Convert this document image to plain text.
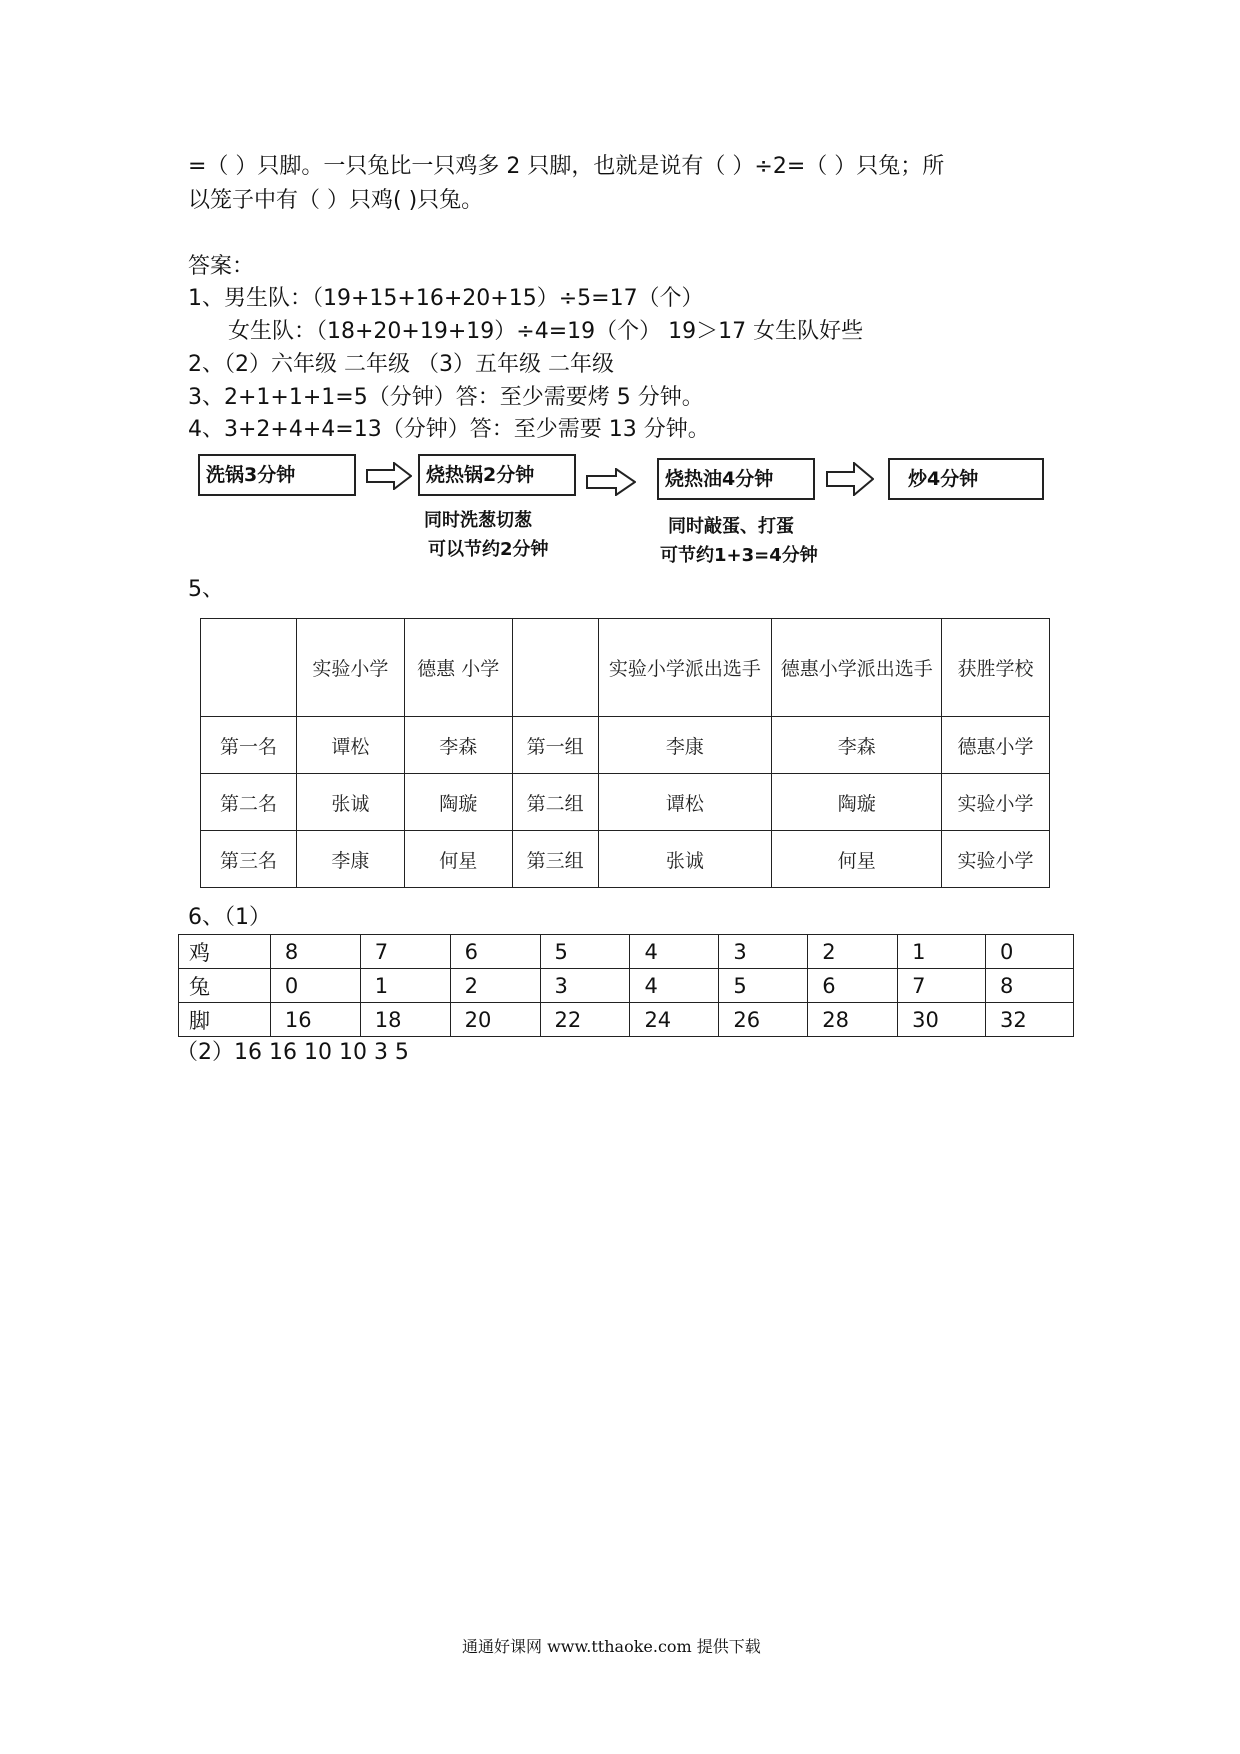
=（ ）只脚。一只兔比一只鸡多 2 只脚，也就是说有（ ）÷2=（ ）只兔；所
以笼子中有（ ）只鸡( )只兔。
答案：
1、男生队：（19+15+16+20+15）÷5=17（个）
女生队：（18+20+19+19）÷4=19（个） 19＞17 女生队好些
2、（2）六年级 二年级 （3）五年级 二年级
3、2+1+1+1=5（分钟）答：至少需要烤 5 分钟。
4、3+2+4+4=13（分钟）答：至少需要 13 分钟。
洗锅3分钟	烧热锅2分钟	烧热油4分钟	炒4分钟
同时洗葱切葱
可以节约2分钟
同时敲蛋、打蛋
可节约1+3=4分钟
5、
	实验小学	德惠 小学		实验小学派出选手	德惠小学派出选手	获胜学校
第一名	谭松	李森	第一组	李康	李森	德惠小学
第二名	张诚	陶璇	第二组	谭松	陶璇	实验小学
第三名	李康	何星	第三组	张诚	何星	实验小学
6、（1）
鸡	8	7	6	5	4	3	2	1	0
兔	0	1	2	3	4	5	6	7	8
脚	16	18	20	22	24	26	28	30	32
（2）16 16 10 10 3 5
通通好课网 www.tthaoke.com 提供下载
